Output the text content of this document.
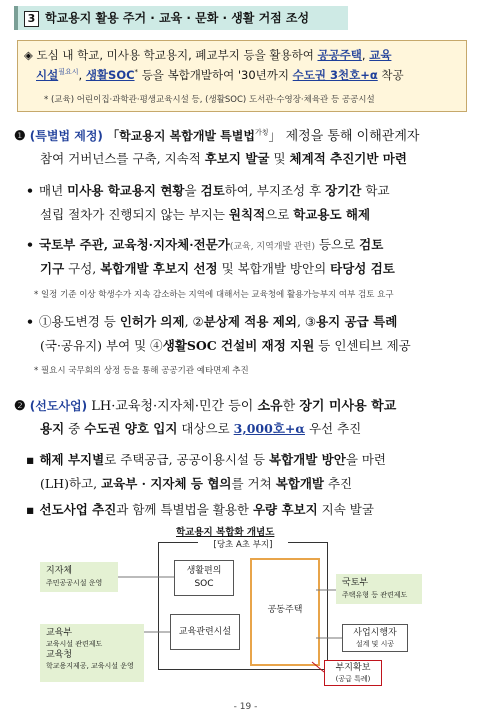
3 학교용지 활용 주거 · 교육 · 문화 · 생활 거점 조성
◈ 도심 내 학교, 미사용 학교용지, 폐교부지 등을 활용하여 공공주택, 교육
시설$^{필요시}$, 생활SOC* 등을 복합개발하여 '30년까지 수도권 3천호+α 착공
* (교육) 어린이집·과학관·평생교육시설 등, (생활SOC) 도서관·수영장·체육관 등 공공시설
❶ (특별법 제정) 「학교용지 복합개발 특별법$^{가칭}$」 제정을 통해 이해관계자
참여 거버넌스를 구축, 지속적 후보지 발굴 및 체계적 추진기반 마련
• 매년 미사용 학교용지 현황을 검토하여, 부지조성 후 장기간 학교
설립 절차가 진행되지 않는 부지는 원칙적으로 학교용도 해제
• 국토부 주관, 교육청·지자체·전문가(교육, 지역개발 관련) 등으로 검토
기구 구성, 복합개발 후보지 선정 및 복합개발 방안의 타당성 검토
* 일정 기준 이상 학생수가 지속 감소하는 지역에 대해서는 교육청에 활용가능부지 여부 검토 요구
• ①용도변경 등 인허가 의제, ②분상제 적용 제외, ③용지 공급 특례
(국·공유지) 부여 및 ④생활SOC 건설비 재정 지원 등 인센티브 제공
* 필요시 국무회의 상정 등을 통해 공공기관 예타면제 추진
❷ (선도사업) LH·교육청·지자체·민간 등이 소유한 장기 미사용 학교
용지 중 수도권 양호 입지 대상으로 3,000호+α 우선 추진
▪ 해제 부지별로 주택공급, 공공이용시설 등 복합개발 방안을 마련
(LH)하고, 교육부 · 지자체 등 협의를 거쳐 복합개발 추진
▪ 선도사업 추진과 함께 특별법을 활용한 우량 후보지 지속 발굴
학교용지 복합화 개념도
[당초 A초 부지]
생활편의
SOC
교육관련시설
공동주택
지자체
주민공공시설 운영
교육부
교육시설 관련제도
교육청
학교용지제공, 교육시설 운영
국토부
주택유형 등 관련제도
사업시행자
설계 및 시공
부지확보
(공급 특례)
- 19 -
